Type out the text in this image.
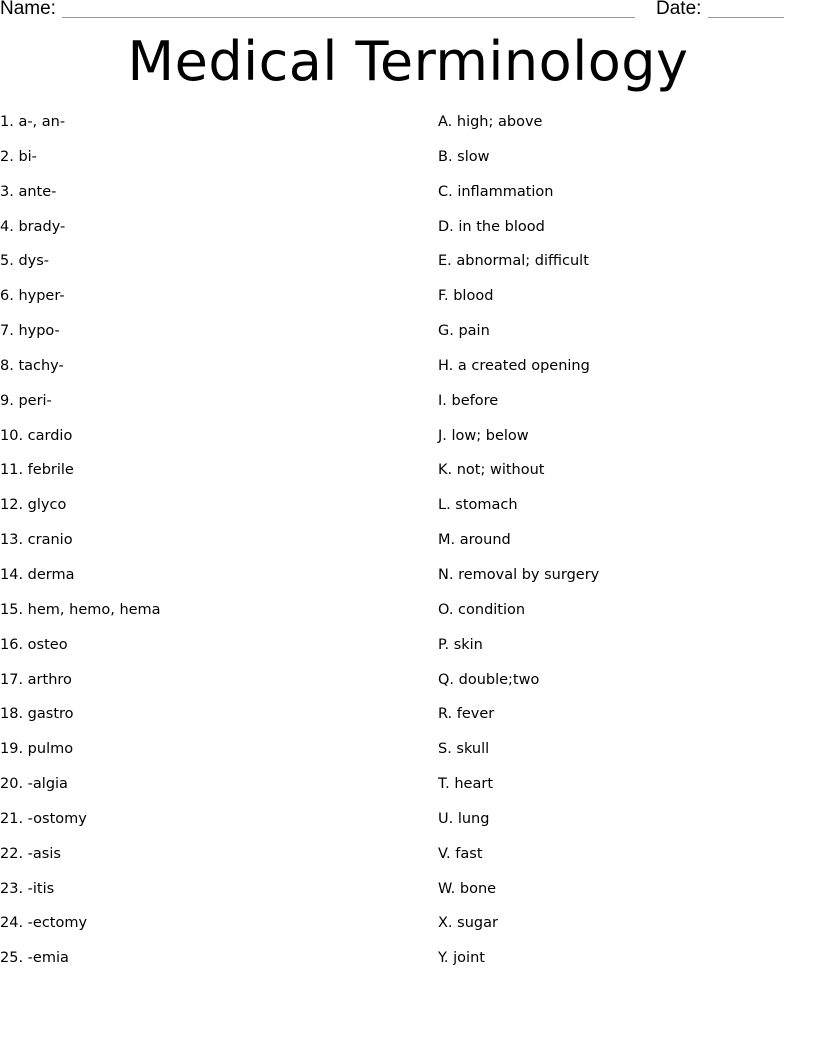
Name:	Date:
Medical Terminology
1. a-, an-
2. bi-
3. ante-
4. brady-
5. dys-
6. hyper-
7. hypo-
8. tachy-
9. peri-
10. cardio
11. febrile
12. glyco
13. cranio
14. derma
15. hem, hemo, hema
16. osteo
17. arthro
18. gastro
19. pulmo
20. -algia
21. -ostomy
22. -asis
23. -itis
24. -ectomy
25. -emia
A. high; above
B. slow
C. inflammation
D. in the blood
E. abnormal; difficult
F. blood
G. pain
H. a created opening
I. before
J. low; below
K. not; without
L. stomach
M. around
N. removal by surgery
O. condition
P. skin
Q. double;two
R. fever
S. skull
T. heart
U. lung
V. fast
W. bone
X. sugar
Y. joint
